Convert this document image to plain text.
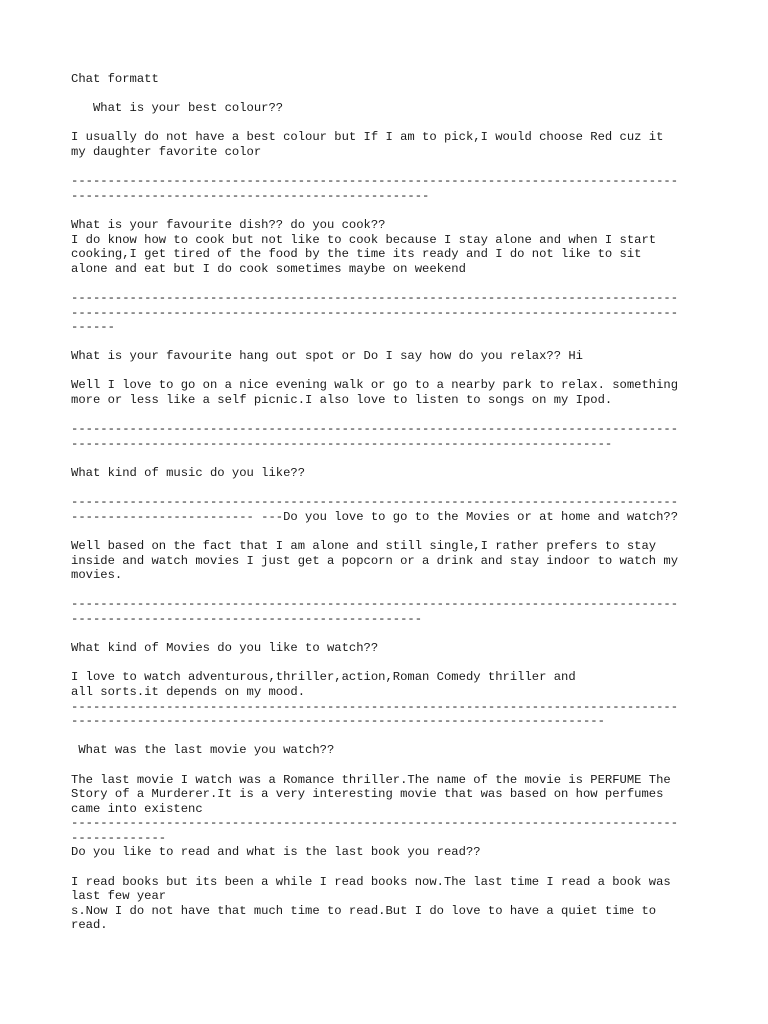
Chat formatt
What is your best colour??
I usually do not have a best colour but If I am to pick,I would choose Red cuz it
my daughter favorite color
-----------------------------------------------------------------------------------
-------------------------------------------------
What is your favourite dish?? do you cook??
I do know how to cook but not like to cook because I stay alone and when I start
cooking,I get tired of the food by the time its ready and I do not like to sit
alone and eat but I do cook sometimes maybe on weekend
-----------------------------------------------------------------------------------
-----------------------------------------------------------------------------------
------
What is your favourite hang out spot or Do I say how do you relax?? Hi
Well I love to go on a nice evening walk or go to a nearby park to relax. something
more or less like a self picnic.I also love to listen to songs on my Ipod.
-----------------------------------------------------------------------------------
--------------------------------------------------------------------------
What kind of music do you like??
-----------------------------------------------------------------------------------
------------------------- ---Do you love to go to the Movies or at home and watch??
Well based on the fact that I am alone and still single,I rather prefers to stay
inside and watch movies I just get a popcorn or a drink and stay indoor to watch my
movies.
-----------------------------------------------------------------------------------
------------------------------------------------
What kind of Movies do you like to watch??
I love to watch adventurous,thriller,action,Roman Comedy thriller and
all sorts.it depends on my mood.
-----------------------------------------------------------------------------------
-------------------------------------------------------------------------
What was the last movie you watch??
The last movie I watch was a Romance thriller.The name of the movie is PERFUME The
Story of a Murderer.It is a very interesting movie that was based on how perfumes
came into existenc
-----------------------------------------------------------------------------------
-------------
Do you like to read and what is the last book you read??
I read books but its been a while I read books now.The last time I read a book was
last few year
s.Now I do not have that much time to read.But I do love to have a quiet time to
read.
